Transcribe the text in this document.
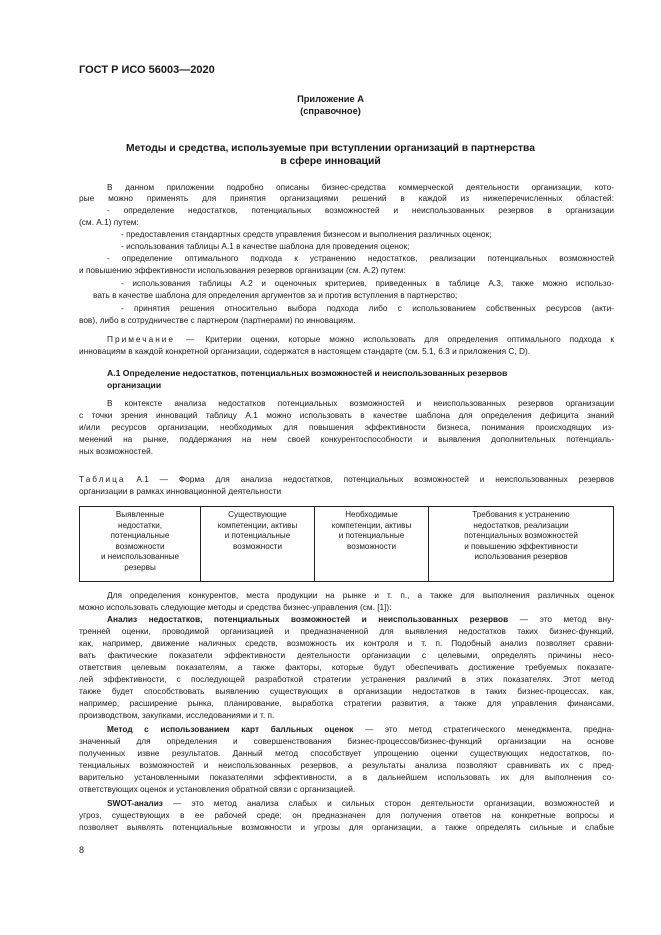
ГОСТ Р ИСО 56003—2020
Приложение А
(справочное)
Методы и средства, используемые при вступлении организаций в партнерства
в сфере инноваций
В данном приложении подробно описаны бизнес-средства коммерческой деятельности организации, кото-
рые можно применять для принятия организациями решений в каждой из нижеперечисленных областей:
- определение недостатков, потенциальных возможностей и неиспользованных резервов в организации
(см. А.1) путем:
- предоставления стандартных средств управления бизнесом и выполнения различных оценок;
- использования таблицы А.1 в качестве шаблона для проведения оценок;
- определение оптимального подхода к устранению недостатков, реализации потенциальных возможностей
и повышению эффективности использования резервов организации (см. А.2) путем:
- использования таблицы А.2 и оценочных критериев, приведенных в таблице А.3, также можно использо-
вать в качестве шаблона для определения аргументов за и против вступления в партнерство;
- принятия решения относительно выбора подхода либо с использованием собственных ресурсов (акти-
вов), либо в сотрудничестве с партнером (партнерами) по инновациям.
Примечание — Критерии оценки, которые можно использовать для определения оптимального подхода к
инновациям в каждой конкретной организации, содержатся в настоящем стандарте (см. 5.1, 6.3 и приложения С, D).
А.1 Определение недостатков, потенциальных возможностей и неиспользованных резервов
организации
В контексте анализа недостатков потенциальных возможностей и неиспользованных резервов организации
с точки зрения инноваций таблицу А.1 можно использовать в качестве шаблона для определения дефицита знаний
и/или ресурсов организации, необходимых для повышения эффективности бизнеса, понимания происходящих из-
менений на рынке, поддержания на нем своей конкурентоспособности и выявления дополнительных потенциаль-
ных возможностей.
Таблица А.1 — Форма для анализа недостатков, потенциальных возможностей и неиспользованных резервов
организации в рамках инновационной деятельности
Выявленные
недостатки,
потенциальные
возможности
и неиспользованные
резервы
Существующие
компетенции, активы
и потенциальные
возможности
Необходимые
компетенции, активы
и потенциальные
возможности
Требования к устранению
недостатков, реализации
потенциальных возможностей
и повышению эффективности
использования резервов
Для определения конкурентов, места продукции на рынке и т. п., а также для выполнения различных оценок
можно использовать следующие методы и средства бизнес-управления (см. [1]):
Анализ недостатков, потенциальных возможностей и неиспользованных резервов — это метод вну-
тренней оценки, проводимой организацией и предназначенной для выявления недостатков таких бизнес-функций,
как, например, движение наличных средств, возможность их контроля и т. п. Подобный анализ позволяет сравни-
вать фактические показатели эффективности деятельности организации с целевыми, определять причины несо-
ответствия целевым показателям, а также факторы, которые будут обеспечивать достижение требуемых показате-
лей эффективности, с последующей разработкой стратегии устранения различий в этих показателях. Этот метод
также будет способствовать выявлению существующих в организации недостатков в таких бизнес-процессах, как,
например, расширение рынка, планирование, выработка стратегии развития, а также для управления финансами,
производством, закупками, исследованиями и т. п.
Метод с использованием карт балльных оценок — это метод стратегического менеджмента, предна-
значенный для определения и совершенствования бизнес-процессов/бизнес-функций организации на основе
полученных извне результатов. Данный метод способствует упрощению оценки существующих недостатков, по-
тенциальных возможностей и неиспользованных резервов, а результаты анализа позволяют сравнивать их с пред-
варительно установленными показателями эффективности, а в дальнейшем использовать их для выполнения со-
ответствующих оценок и установления обратной связи с организацией.
SWOT-анализ — это метод анализа слабых и сильных сторон деятельности организации, возможностей и
угроз, существующих в ее рабочей среде; он предназначен для получения ответов на конкретные вопросы и
позволяет выявлять потенциальные возможности и угрозы для организации, а также определять сильные и слабые
8
